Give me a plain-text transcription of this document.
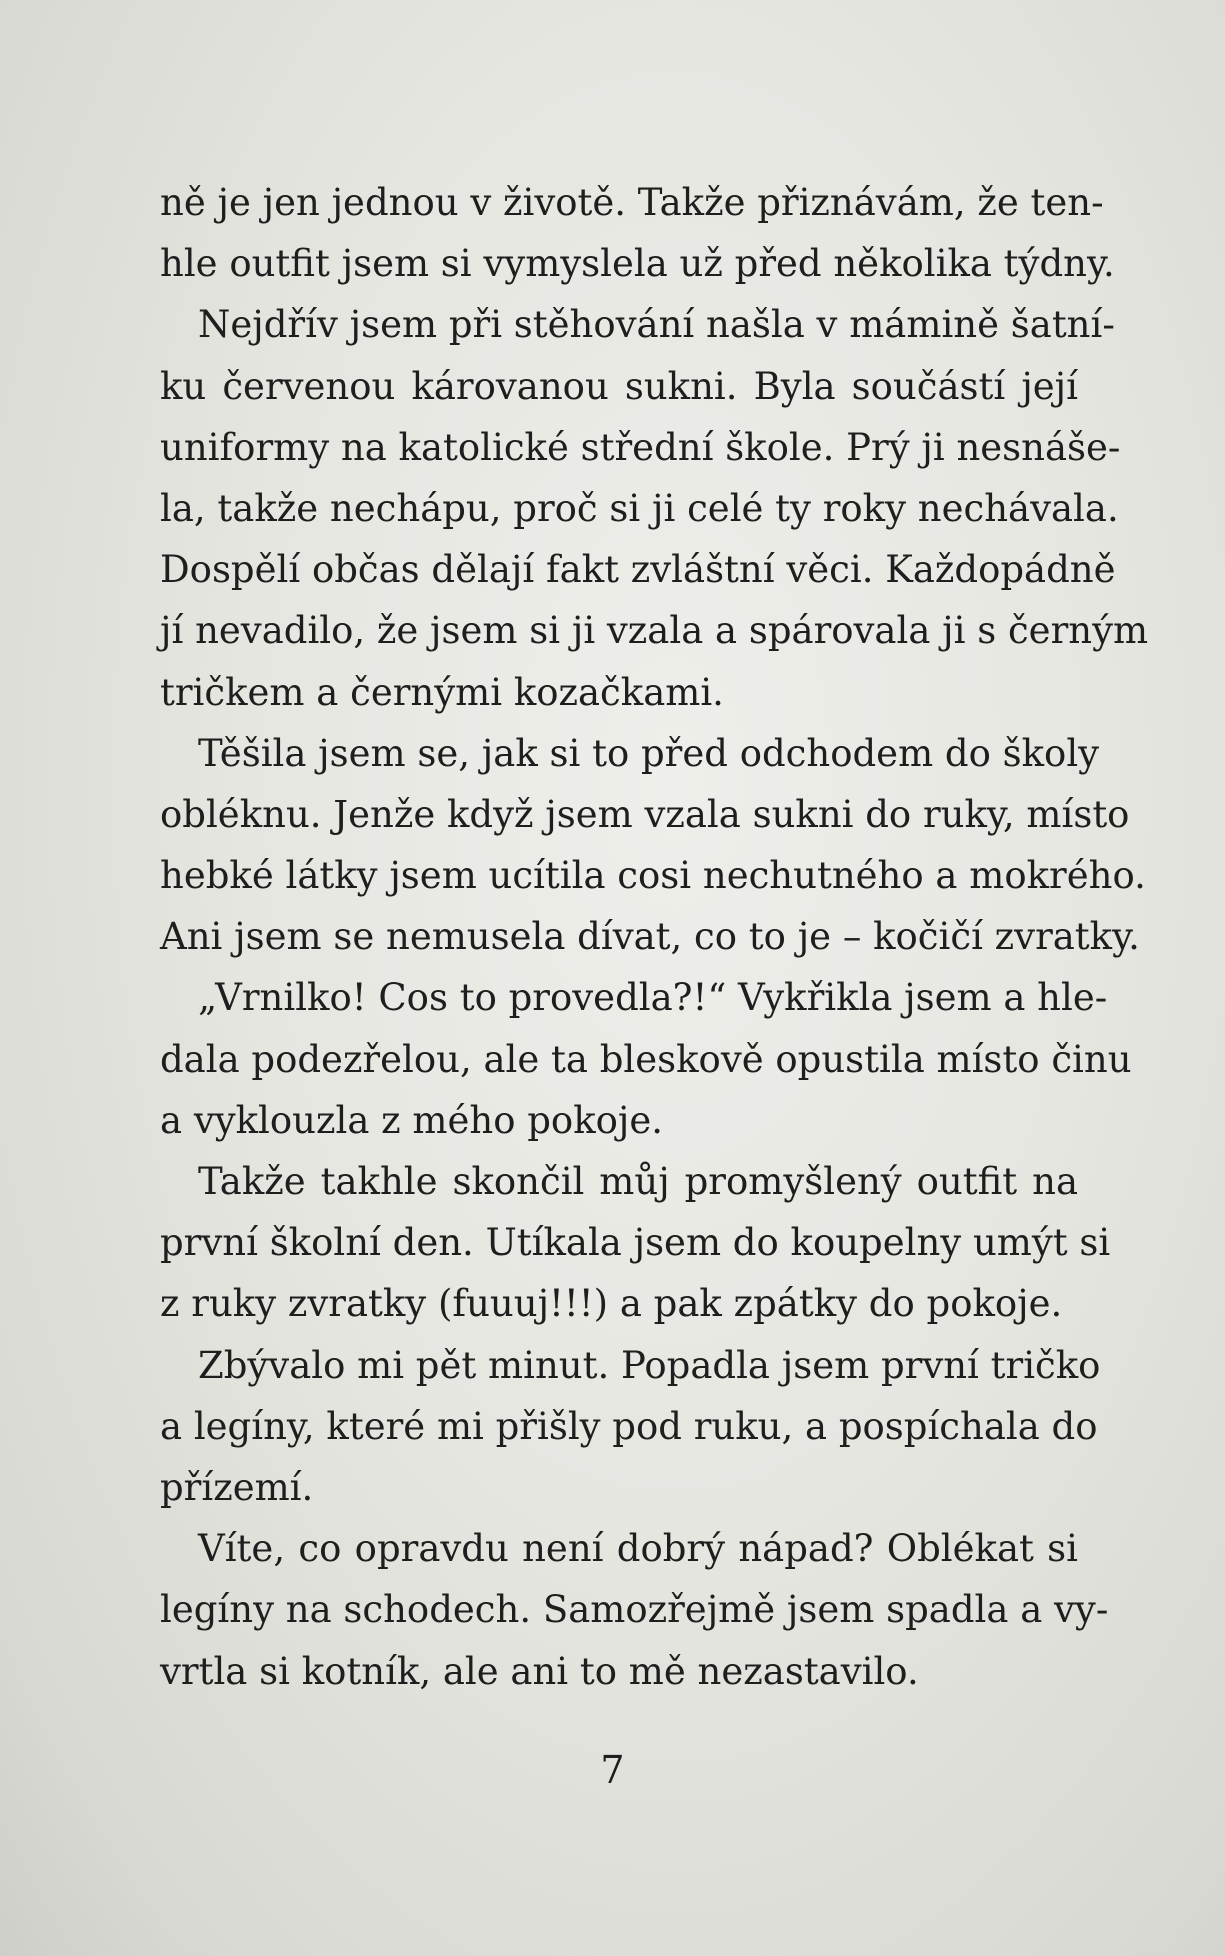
ně je jen jednou v životě. Takže přiznávám, že ten-
hle outfit jsem si vymyslela už před několika týdny.
Nejdřív jsem při stěhování našla v mámině šatní-
ku červenou károvanou sukni. Byla součástí její
uniformy na katolické střední škole. Prý ji nesnáše-
la, takže nechápu, proč si ji celé ty roky nechávala.
Dospělí občas dělají fakt zvláštní věci. Každopádně
jí nevadilo, že jsem si ji vzala a spárovala ji s černým
tričkem a černými kozačkami.
Těšila jsem se, jak si to před odchodem do školy
obléknu. Jenže když jsem vzala sukni do ruky, místo
hebké látky jsem ucítila cosi nechutného a mokrého.
Ani jsem se nemusela dívat, co to je – kočičí zvratky.
„Vrnilko! Cos to provedla?!“ Vykřikla jsem a hle-
dala podezřelou, ale ta bleskově opustila místo činu
a vyklouzla z mého pokoje.
Takže takhle skončil můj promyšlený outfit na
první školní den. Utíkala jsem do koupelny umýt si
z ruky zvratky (fuuuj!!!) a pak zpátky do pokoje.
Zbývalo mi pět minut. Popadla jsem první tričko
a legíny, které mi přišly pod ruku, a pospíchala do
přízemí.
Víte, co opravdu není dobrý nápad? Oblékat si
legíny na schodech. Samozřejmě jsem spadla a vy-
vrtla si kotník, ale ani to mě nezastavilo.
7
